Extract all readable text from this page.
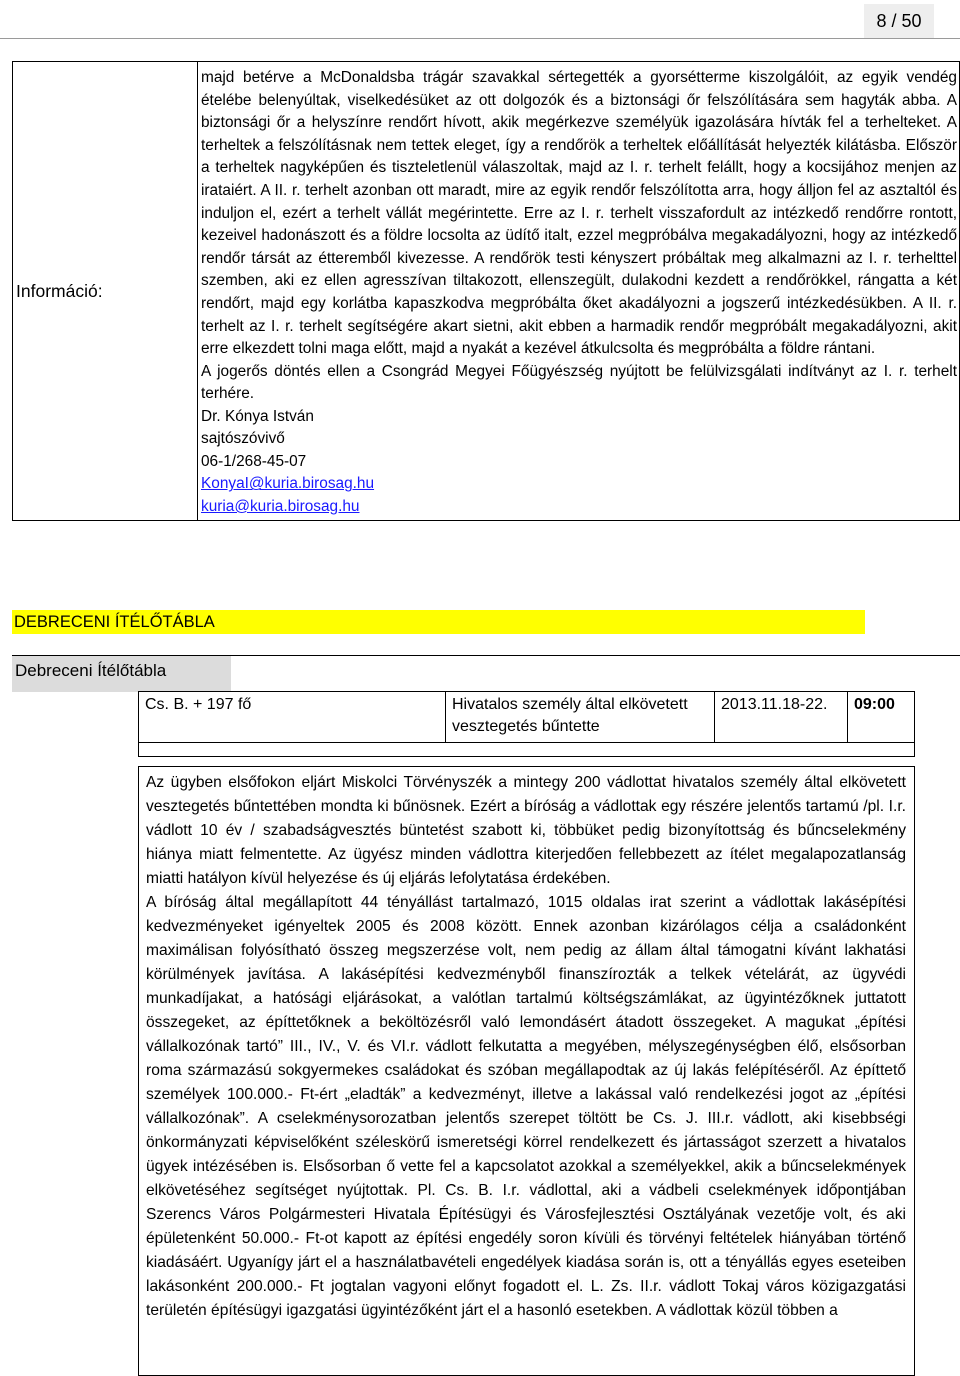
8 / 50
Információ:	
majd betérve a McDonaldsba trágár szavakkal sértegették a gyorsétterme kiszolgálóit, az egyik vendég ételébe belenyúltak, viselkedésüket az ott dolgozók és a biztonsági őr felszólítására sem hagyták abba. A biztonsági őr a helyszínre rendőrt hívott, akik megérkezve személyük igazolására hívták fel a terhelteket. A terheltek a felszólításnak nem tettek eleget, így a rendőrök a terheltek előállítását helyezték kilátásba. Először a terheltek nagyképűen és tiszteletlenül válaszoltak, majd az I. r. terhelt felállt, hogy a kocsijához menjen az irataiért. A II. r. terhelt azonban ott maradt, mire az egyik rendőr felszólította arra, hogy álljon fel az asztaltól és induljon el, ezért a terhelt vállát megérintette. Erre az I. r. terhelt visszafordult az intézkedő rendőrre rontott, kezeivel hadonászott és a földre locsolta az üdítő italt, ezzel megpróbálva megakadályozni, hogy az intézkedő rendőr társát az étteremből kivezesse. A rendőrök testi kényszert próbáltak meg alkalmazni az I. r. terhelttel szemben, aki ez ellen agresszívan tiltakozott, ellenszegült, dulakodni kezdett a rendőrökkel, rángatta a két rendőrt, majd egy korlátba kapaszkodva megpróbálta őket akadályozni a jogszerű intézkedésükben. A II. r. terhelt az I. r. terhelt segítségére akart sietni, akit ebben a harmadik rendőr megpróbált megakadályozni, akit erre elkezdett tolni maga előtt, majd a nyakát a kezével átkulcsolta és megpróbálta a földre rántani.
A jogerős döntés ellen a Csongrád Megyei Főügyészség nyújtott be felülvizsgálati indítványt az I. r. terhelt terhére.
Dr. Kónya István
sajtószóvivő
06-1/268-45-07
KonyaI@kuria.birosag.hu
kuria@kuria.birosag.hu
DEBRECENI ÍTÉLŐTÁBLA
Debreceni Ítélőtábla
Cs. B. + 197 fő	Hivatalos személy által elkövetett vesztegetés bűntette	2013.11.18-22.	09:00

Az ügyben elsőfokon eljárt Miskolci Törvényszék a mintegy 200 vádlottat hivatalos személy által elkövetett vesztegetés bűntettében mondta ki bűnösnek. Ezért a bíróság a vádlottak egy részére jelentős tartamú /pl. I.r. vádlott 10 év / szabadságvesztés büntetést szabott ki, többüket pedig bizonyítottság és bűncselekmény hiánya miatt felmentette. Az ügyész minden vádlottra kiterjedően fellebbezett az ítélet megalapozatlanság miatti hatályon kívül helyezése és új eljárás lefolytatása érdekében.

A bíróság által megállapított 44 tényállást tartalmazó, 1015 oldalas irat szerint a vádlottak lakásépítési kedvezményeket igényeltek 2005 és 2008 között. Ennek azonban kizárólagos célja a családonként maximálisan folyósítható összeg megszerzése volt, nem pedig az állam által támogatni kívánt lakhatási körülmények javítása. A lakásépítési kedvezményből finanszírozták a telkek vételárát, az ügyvédi munkadíjakat, a hatósági eljárásokat, a valótlan tartalmú költségszámlákat, az ügyintézőknek juttatott összegeket, az építtetőknek a beköltözésről való lemondásért átadott összegeket. A magukat „építési vállalkozónak tartó” III., IV., V. és VI.r. vádlott felkutatta a megyében, mélyszegénységben élő, elsősorban roma származású sokgyermekes családokat és szóban megállapodtak az új lakás felépítéséről. Az építtető személyek 100.000.- Ft-ért „eladták” a kedvezményt, illetve a lakással való rendelkezési jogot az „építési vállalkozónak”. A cselekménysorozatban jelentős szerepet töltött be Cs. J. III.r. vádlott, aki kisebbségi önkormányzati képviselőként széleskörű ismeretségi körrel rendelkezett és jártasságot szerzett a hivatalos ügyek intézésében is. Elsősorban ő vette fel a kapcsolatot azokkal a személyekkel, akik a bűncselekmények elkövetéséhez segítséget nyújtottak. Pl. Cs. B. I.r. vádlottal, aki a vádbeli cselekmények időpontjában Szerencs Város Polgármesteri Hivatala Építésügyi és Városfejlesztési Osztályának vezetője volt, és aki épületenként 50.000.- Ft-ot kapott az építési engedély soron kívüli és törvényi feltételek hiányában történő kiadásáért. Ugyanígy járt el a használatbavételi engedélyek kiadása során is, ott a tényállás egyes eseteiben lakásonként 200.000.- Ft jogtalan vagyoni előnyt fogadott el. L. Zs. II.r. vádlott Tokaj város közigazgatási területén építésügyi igazgatási ügyintézőként járt el a hasonló esetekben. A vádlottak közül többen a
